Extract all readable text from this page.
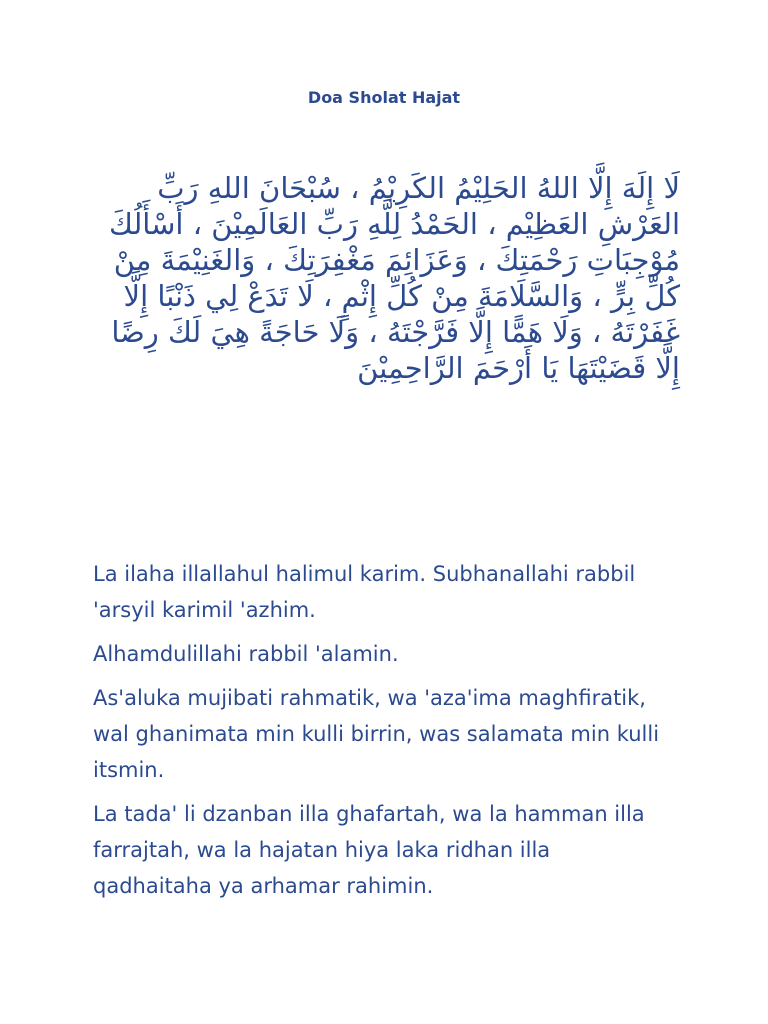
Doa Sholat Hajat
لَا إِلَهَ إِلَّا اللهُ الحَلِيْمُ الكَرِيْمُ ، سُبْحَانَ اللهِ رَبِّ العَرْشِ العَظِيْم ، الحَمْدُ لِلَّهِ رَبِّ العَالَمِيْنَ ، أَسْأَلُكَ مُوْجِبَاتِ رَحْمَتِكَ ، وَعَزَائِمَ مَغْفِرَتِكَ ، وَالغَنِيْمَةَ مِنْ كُلِّ بِرٍّ ، وَالسَّلَامَةَ مِنْ كُلِّ إِثْمٍ ، لَا تَدَعْ لِي ذَنْبًا إِلَّا غَفَرْتَهُ ، وَلَا هَمًّا إِلَّا فَرَّجْتَهُ ، وَلَا حَاجَةً هِيَ لَكَ رِضًا إِلَّا قَضَيْتَهَا يَا أَرْحَمَ الرَّاحِمِيْنَ

La ilaha illallahul halimul karim. Subhanallahi rabbil 'arsyil karimil 'azhim.

Alhamdulillahi rabbil 'alamin.

As'aluka mujibati rahmatik, wa 'aza'ima maghfiratik, wal ghanimata min kulli birrin, was salamata min kulli itsmin.

La tada' li dzanban illa ghafartah, wa la hamman illa farrajtah, wa la hajatan hiya laka ridhan illa qadhaitaha ya arhamar rahimin.
